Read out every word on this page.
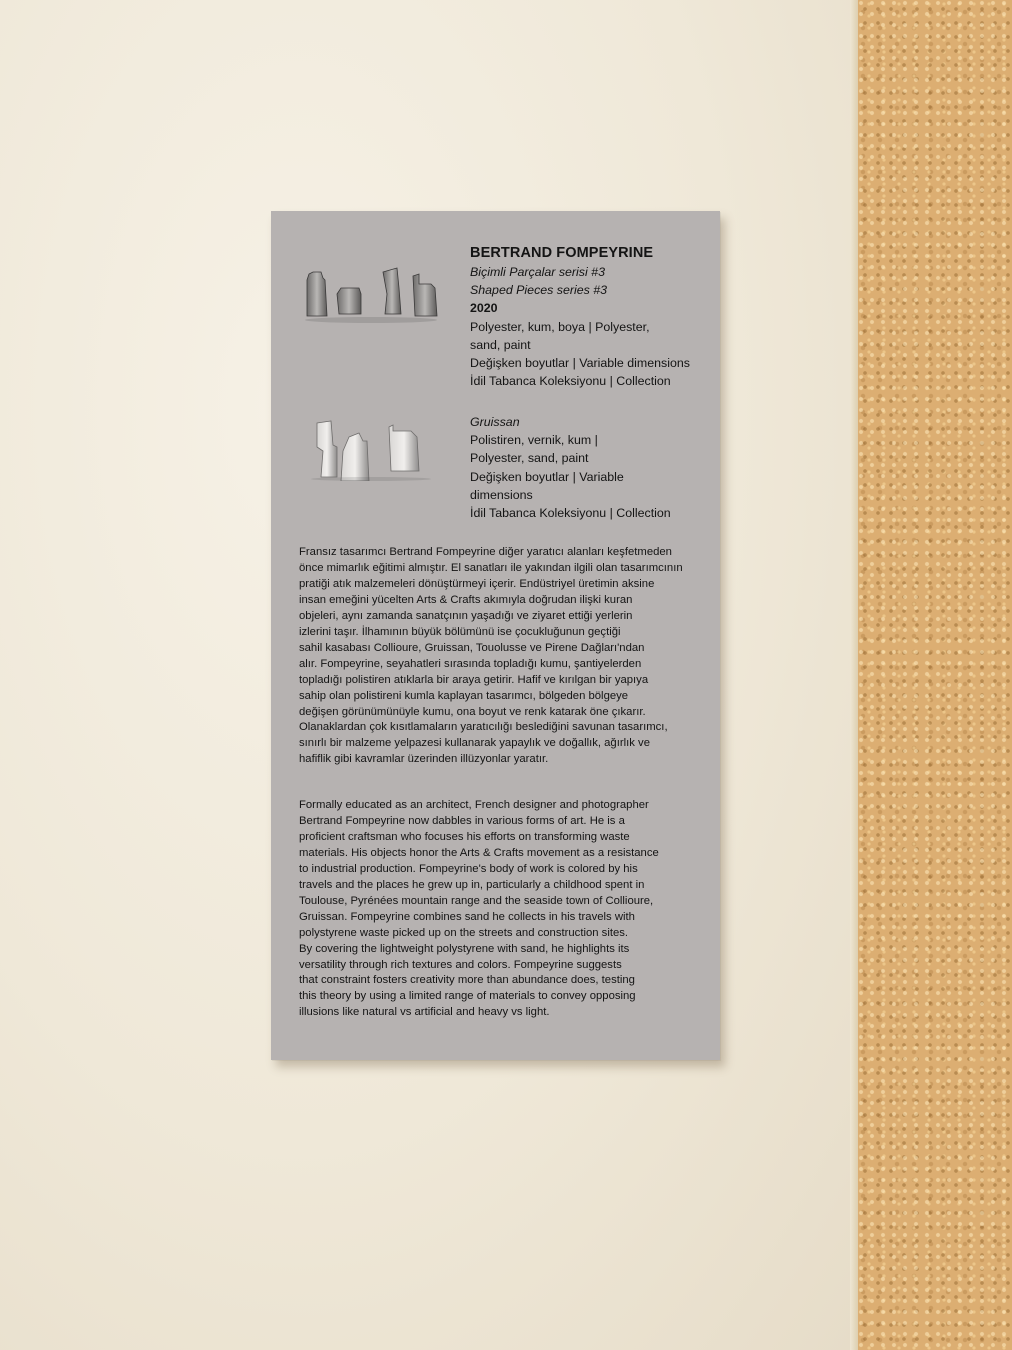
BERTRAND FOMPEYRINE
Biçimli Parçalar serisi #3
Shaped Pieces series #3
2020
Polyester, kum, boya | Polyester,
sand, paint
Değişken boyutlar | Variable dimensions
İdil Tabanca Koleksiyonu | Collection
Gruissan
Polistiren, vernik, kum |
Polyester, sand, paint
Değişken boyutlar | Variable
dimensions
İdil Tabanca Koleksiyonu | Collection
Fransız tasarımcı Bertrand Fompeyrine diğer yaratıcı alanları keşfetmeden
önce mimarlık eğitimi almıştır. El sanatları ile yakından ilgili olan tasarımcının
pratiği atık malzemeleri dönüştürmeyi içerir. Endüstriyel üretimin aksine
insan emeğini yücelten Arts & Crafts akımıyla doğrudan ilişki kuran
objeleri, aynı zamanda sanatçının yaşadığı ve ziyaret ettiği yerlerin
izlerini taşır. İlhamının büyük bölümünü ise çocukluğunun geçtiği
sahil kasabası Collioure, Gruissan, Touolusse ve Pirene Dağları'ndan
alır. Fompeyrine, seyahatleri sırasında topladığı kumu, şantiyelerden
topladığı polistiren atıklarla bir araya getirir. Hafif ve kırılgan bir yapıya
sahip olan polistireni kumla kaplayan tasarımcı, bölgeden bölgeye
değişen görünümünüyle kumu, ona boyut ve renk katarak öne çıkarır.
Olanaklardan çok kısıtlamaların yaratıcılığı beslediğini savunan tasarımcı,
sınırlı bir malzeme yelpazesi kullanarak yapaylık ve doğallık, ağırlık ve
hafiflik gibi kavramlar üzerinden illüzyonlar yaratır.
Formally educated as an architect, French designer and photographer
Bertrand Fompeyrine now dabbles in various forms of art. He is a
proficient craftsman who focuses his efforts on transforming waste
materials. His objects honor the Arts & Crafts movement as a resistance
to industrial production. Fompeyrine's body of work is colored by his
travels and the places he grew up in, particularly a childhood spent in
Toulouse, Pyrénées mountain range and the seaside town of Collioure,
Gruissan. Fompeyrine combines sand he collects in his travels with
polystyrene waste picked up on the streets and construction sites.
By covering the lightweight polystyrene with sand, he highlights its
versatility through rich textures and colors. Fompeyrine suggests
that constraint fosters creativity more than abundance does, testing
this theory by using a limited range of materials to convey opposing
illusions like natural vs artificial and heavy vs light.
